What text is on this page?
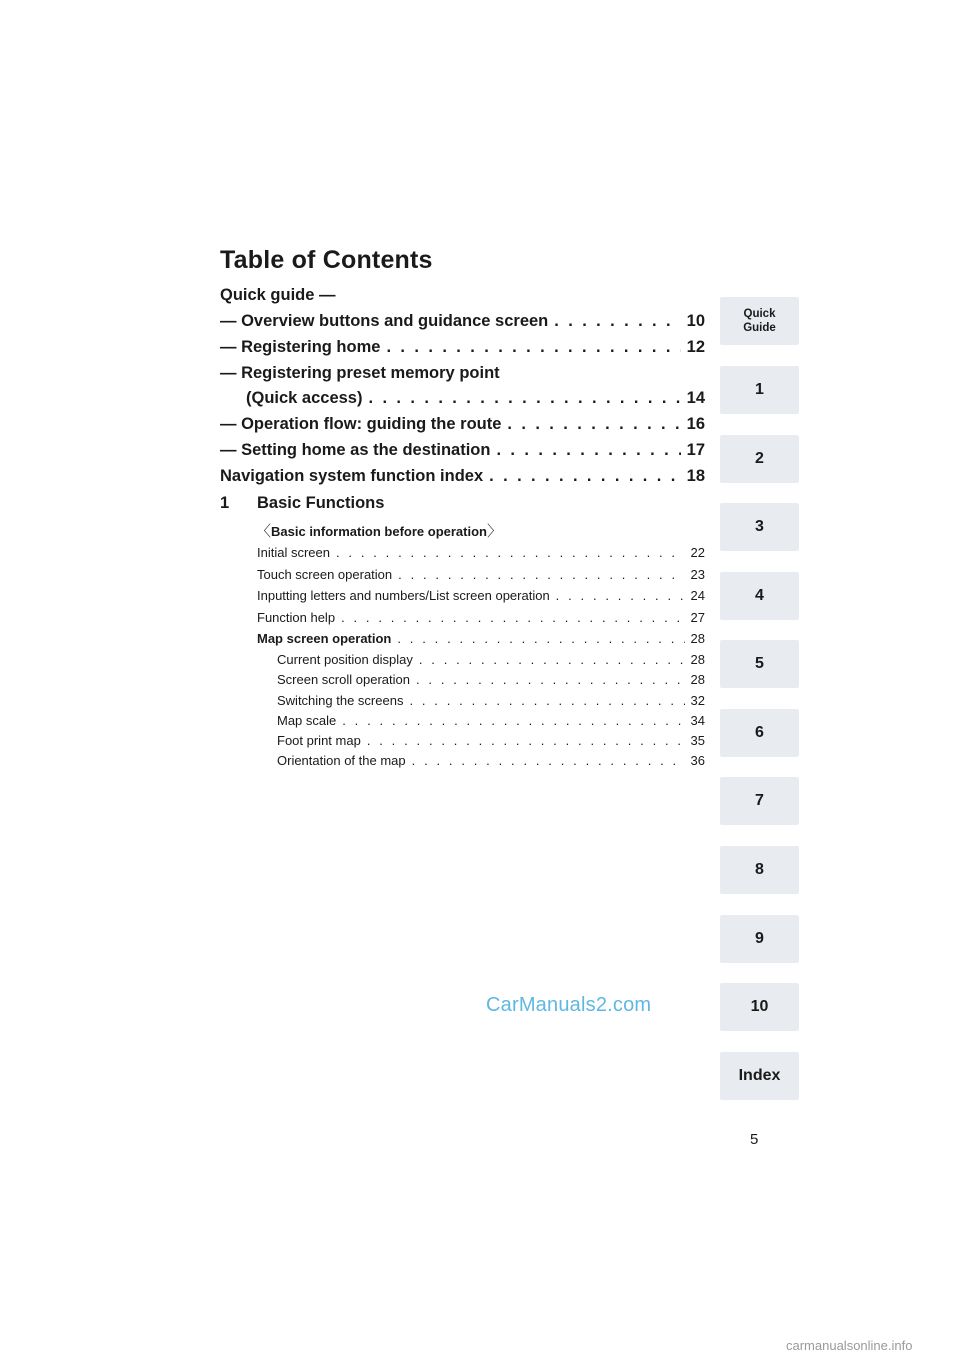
Table of Contents
Quick guide —
— Overview buttons and guidance screen . . .	10
— Registering home . . .	12
— Registering preset memory point
(Quick access) . . .	14
— Operation flow: guiding the route . . .	16
— Setting home as the destination . . .	17
Navigation system function index . . .	18
1 Basic Functions
〈Basic information before operation〉
Initial screen . . .	22
Touch screen operation . . .	23
Inputting letters and numbers/List screen operation . . .	24
Function help . . .	27
Map screen operation . . .	28
Current position display . . .	28
Screen scroll operation . . .	28
Switching the screens . . .	32
Map scale . . .	34
Foot print map . . .	35
Orientation of the map . . .	36
Quick
Guide
1
2
3
4
5
6
7
8
9
10
Index
CarManuals2.com
5
carmanualsonline.info
